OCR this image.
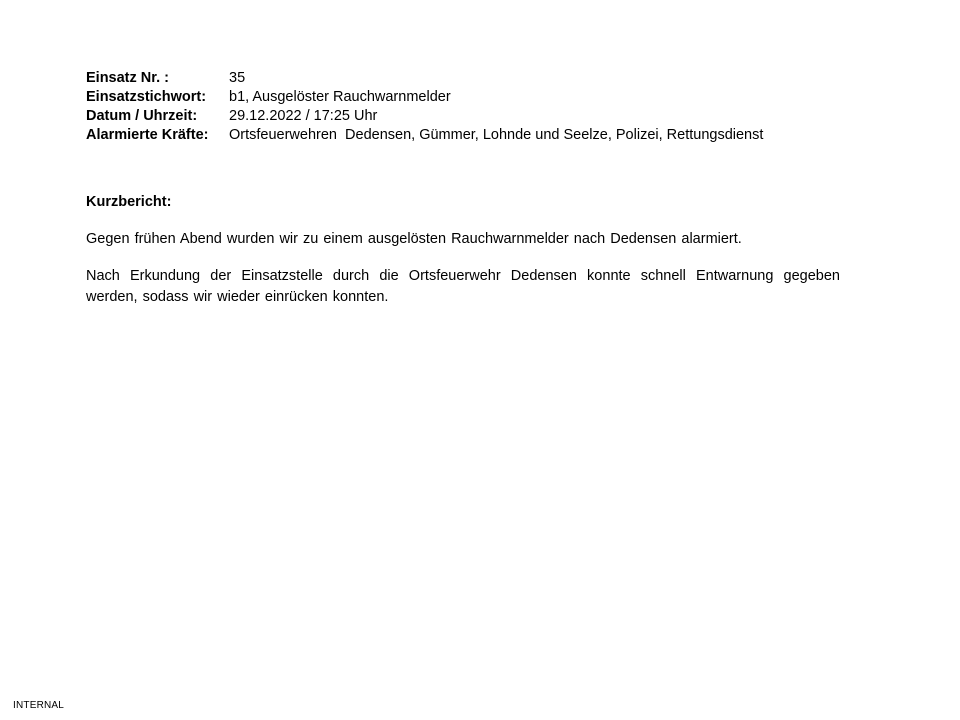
Einsatz Nr. :	35
Einsatzstichwort:	b1, Ausgelöster Rauchwarnmelder
Datum / Uhrzeit:	29.12.2022 / 17:25 Uhr
Alarmierte Kräfte:	Ortsfeuerwehren  Dedensen, Gümmer, Lohnde und Seelze, Polizei, Rettungsdienst

Kurzbericht:

Gegen frühen Abend wurden wir zu einem ausgelösten Rauchwarnmelder nach Dedensen alarmiert.

Nach Erkundung der Einsatzstelle durch die Ortsfeuerwehr Dedensen konnte schnell Entwarnung gegeben werden, sodass wir wieder einrücken konnten.

INTERNAL
